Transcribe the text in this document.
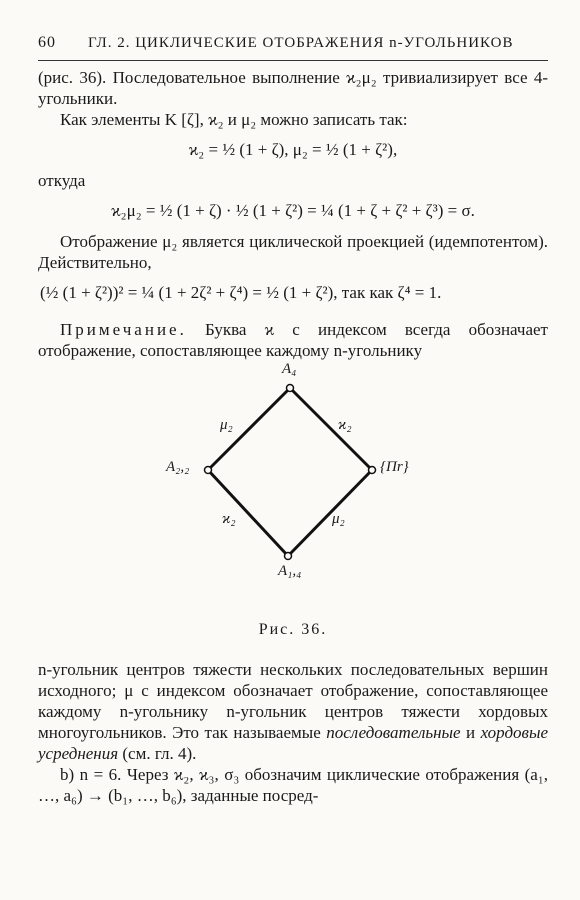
60	ГЛ. 2. ЦИКЛИЧЕСКИЕ ОТОБРАЖЕНИЯ n-УГОЛЬНИКОВ

(рис. 36). Последовательное выполнение ϰ₂μ₂ тривиализирует все 4-угольники.

Как элементы K [ζ], ϰ₂ и μ₂ можно записать так:

ϰ₂ = ½ (1 + ζ), μ₂ = ½ (1 + ζ²),

откуда

ϰ₂μ₂ = ½ (1 + ζ) · ½ (1 + ζ²) = ¼ (1 + ζ + ζ² + ζ³) = σ.

Отображение μ₂ является циклической проекцией (идемпотентом). Действительно,

(½ (1 + ζ²))² = ¼ (1 + 2ζ² + ζ⁴) = ½ (1 + ζ²), так как ζ⁴ = 1.

Примечание. Буква ϰ с индексом всегда обозначает отображение, сопоставляющее каждому n-угольнику

A₄
A₂,₂	{Пr}
A₁,₄
μ₂	ϰ₂
ϰ₂	μ₂
Рис. 36.

n-угольник центров тяжести нескольких последовательных вершин исходного; μ с индексом обозначает отображение, сопоставляющее каждому n-угольнику n-угольник центров тяжести хордовых многоугольников. Это так называемые последовательные и хордовые усреднения (см. гл. 4).

b) n = 6. Через ϰ₂, ϰ₃, σ₃ обозначим циклические отображения (a₁, …, a₆) → (b₁, …, b₆), заданные посред-
